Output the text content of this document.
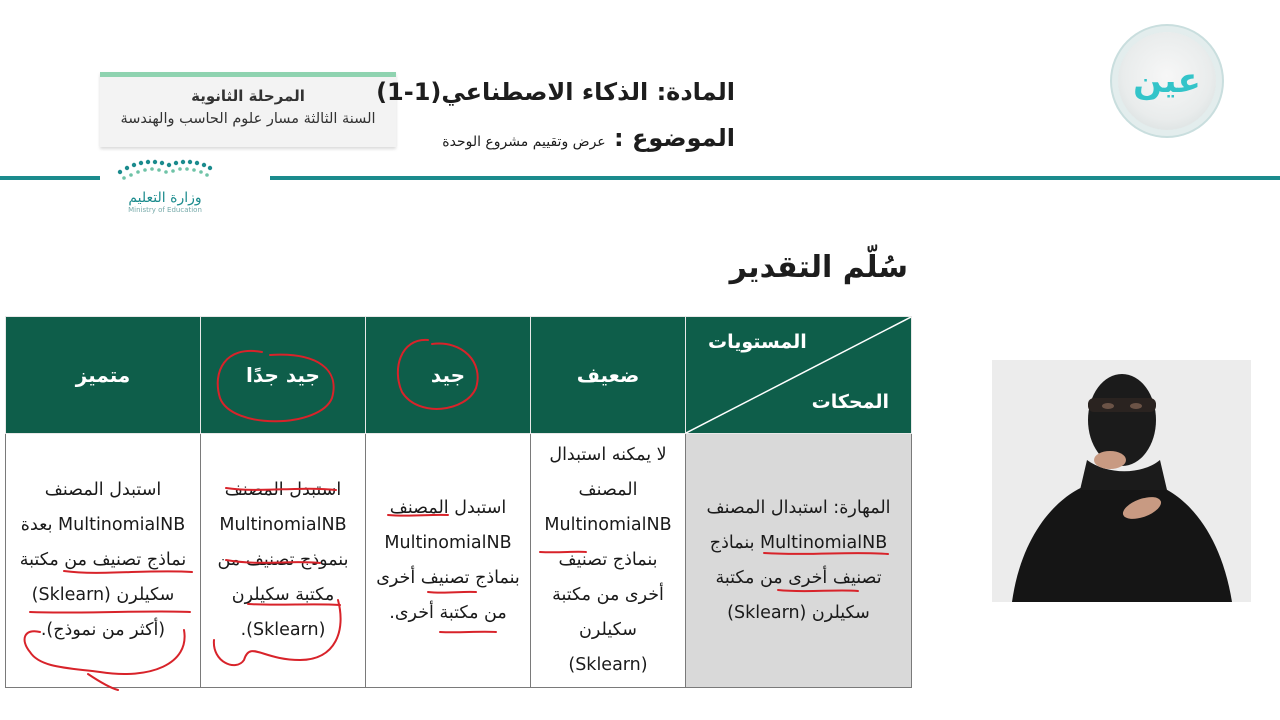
المرحلة الثانوية
السنة الثالثة مسار علوم الحاسب والهندسة
وزارة التعليم
Ministry of Education
المادة: الذكاء الاصطناعي(1-1)
الموضوع : عرض وتقييم مشروع الوحدة
عين
سُلّم التقدير
المستويات
المحكات	ضعيف	جيد	جيد جدًا	متميز
المهارة: استبدال المصنف MultinomialNB بنماذج تصنيف أخرى من مكتبة سكيلرن (Sklearn)	لا يمكنه استبدال المصنف MultinomialNB بنماذج تصنيف أخرى من مكتبة سكيلرن (Sklearn)	استبدل المصنف MultinomialNB بنماذج تصنيف أخرى من مكتبة أخرى.	استبدل المصنف MultinomialNB بنموذج تصنيف من مكتبة سكيلرن (Sklearn).	استبدل المصنف MultinomialNB بعدة نماذج تصنيف من مكتبة سكيلرن (Sklearn) (أكثر من نموذج).
